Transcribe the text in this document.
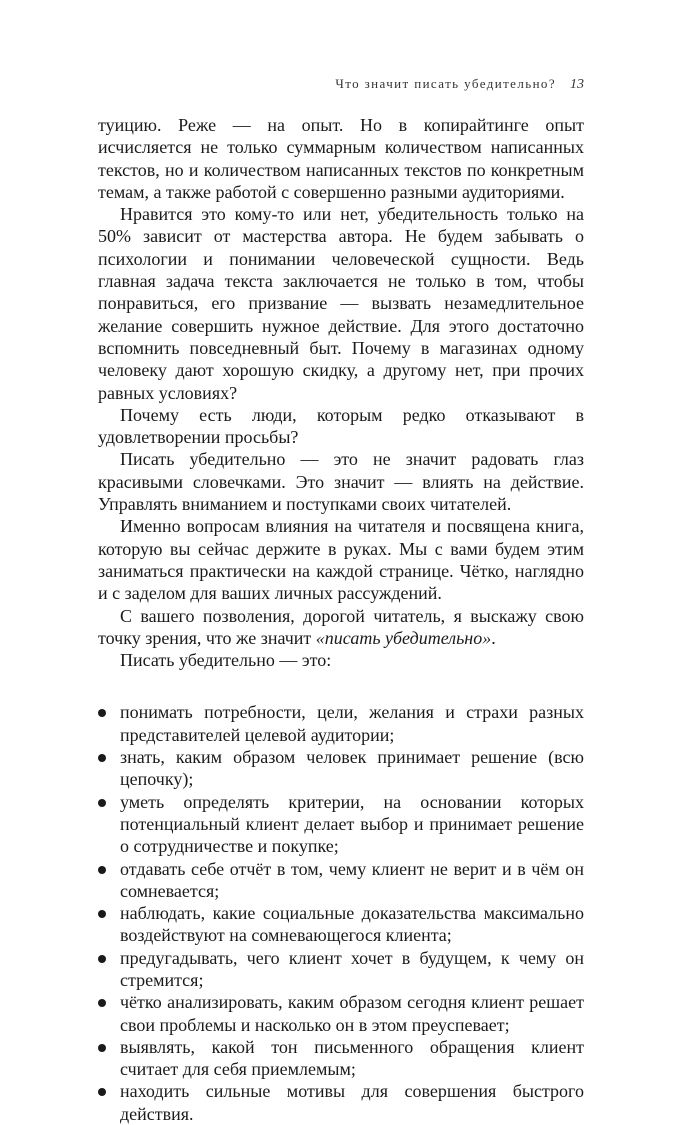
Что значит писать убедительно? 13

туицию. Реже — на опыт. Но в копирайтинге опыт исчисляется не только суммарным количеством написанных текстов, но и количеством написанных текстов по конкретным темам, а также работой с совершенно разными аудиториями.

Нравится это кому-то или нет, убедительность только на 50% зависит от мастерства автора. Не будем забывать о психологии и понимании человеческой сущности. Ведь главная задача текста заключается не только в том, чтобы понравиться, его призвание — вызвать незамедлительное желание совершить нужное действие. Для этого достаточно вспомнить повседневный быт. Почему в магазинах одному человеку дают хорошую скидку, а другому нет, при прочих равных условиях?

Почему есть люди, которым редко отказывают в удовлетворении просьбы?

Писать убедительно — это не значит радовать глаз красивыми словечками. Это значит — влиять на действие. Управлять вниманием и поступками своих читателей.

Именно вопросам влияния на читателя и посвящена книга, которую вы сейчас держите в руках. Мы с вами будем этим заниматься практически на каждой странице. Чётко, наглядно и с заделом для ваших личных рассуждений.

С вашего позволения, дорогой читатель, я выскажу свою точку зрения, что же значит «писать убедительно».

Писать убедительно — это:

понимать потребности, цели, желания и страхи разных представителей целевой аудитории;
знать, каким образом человек принимает решение (всю цепочку);
уметь определять критерии, на основании которых потенциальный клиент делает выбор и принимает решение о сотрудничестве и покупке;
отдавать себе отчёт в том, чему клиент не верит и в чём он сомневается;
наблюдать, какие социальные доказательства максимально воздействуют на сомневающегося клиента;
предугадывать, чего клиент хочет в будущем, к чему он стремится;
чётко анализировать, каким образом сегодня клиент решает свои проблемы и насколько он в этом преуспевает;
выявлять, какой тон письменного обращения клиент считает для себя приемлемым;
находить сильные мотивы для совершения быстрого действия.
